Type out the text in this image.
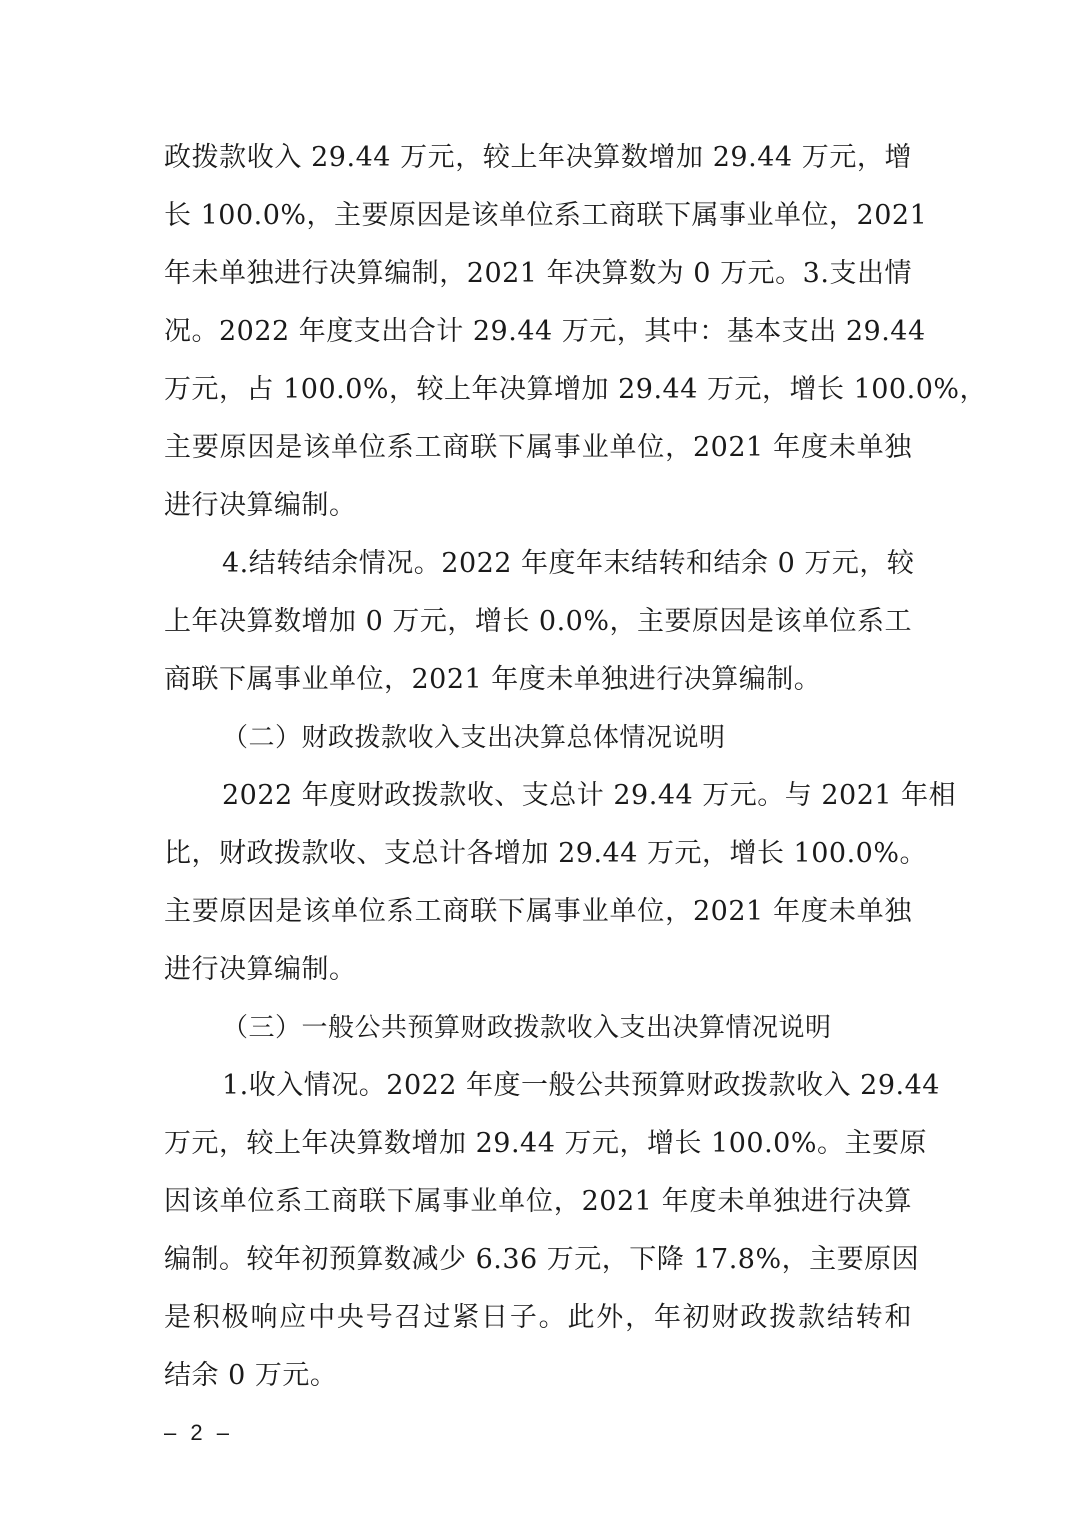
政拨款收入 29.44 万元，较上年决算数增加 29.44 万元，增
长 100.0%，主要原因是该单位系工商联下属事业单位，2021
年未单独进行决算编制，2021 年决算数为 0 万元。3.支出情
况。2022 年度支出合计 29.44 万元，其中：基本支出 29.44
万元，占 100.0%，较上年决算增加 29.44 万元，增长 100.0%，
主要原因是该单位系工商联下属事业单位，2021 年度未单独
进行决算编制。
4.结转结余情况。2022 年度年末结转和结余 0 万元，较
上年决算数增加 0 万元，增长 0.0%，主要原因是该单位系工
商联下属事业单位，2021 年度未单独进行决算编制。
（二）财政拨款收入支出决算总体情况说明
2022 年度财政拨款收、支总计 29.44 万元。与 2021 年相
比，财政拨款收、支总计各增加 29.44 万元，增长 100.0%。
主要原因是该单位系工商联下属事业单位，2021 年度未单独
进行决算编制。
（三）一般公共预算财政拨款收入支出决算情况说明
1.收入情况。2022 年度一般公共预算财政拨款收入 29.44
万元，较上年决算数增加 29.44 万元，增长 100.0%。主要原
因该单位系工商联下属事业单位，2021 年度未单独进行决算
编制。较年初预算数减少 6.36 万元，下降 17.8%，主要原因
是积极响应中央号召过紧日子。此外，年初财政拨款结转和
结余 0 万元。
– 2 –
